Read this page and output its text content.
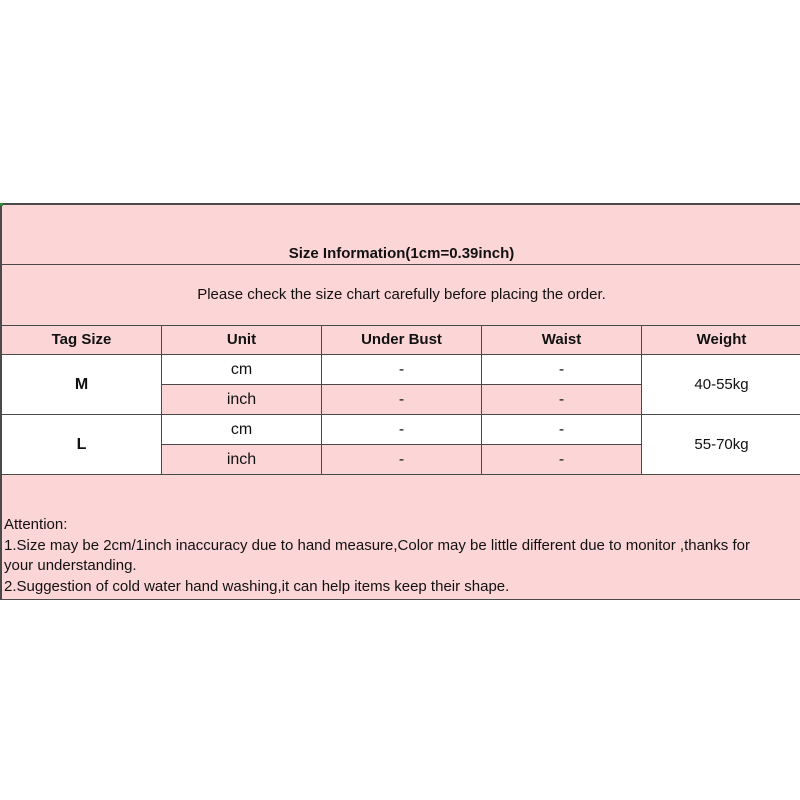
Size Information(1cm=0.39inch)				
Please check the size chart carefully before placing the order.				
Tag Size	Unit	Under Bust	Waist	Weight
M	cm	-	-	40-55kg
	inch	-	-	
L	cm	-	-	55-70kg
	inch	-	-	

Attention:
1.Size may be 2cm/1inch inaccuracy due to hand measure,Color may be little different due to monitor ,thanks for
your understanding.
2.Suggestion of cold water hand washing,it can help items keep their shape.				
